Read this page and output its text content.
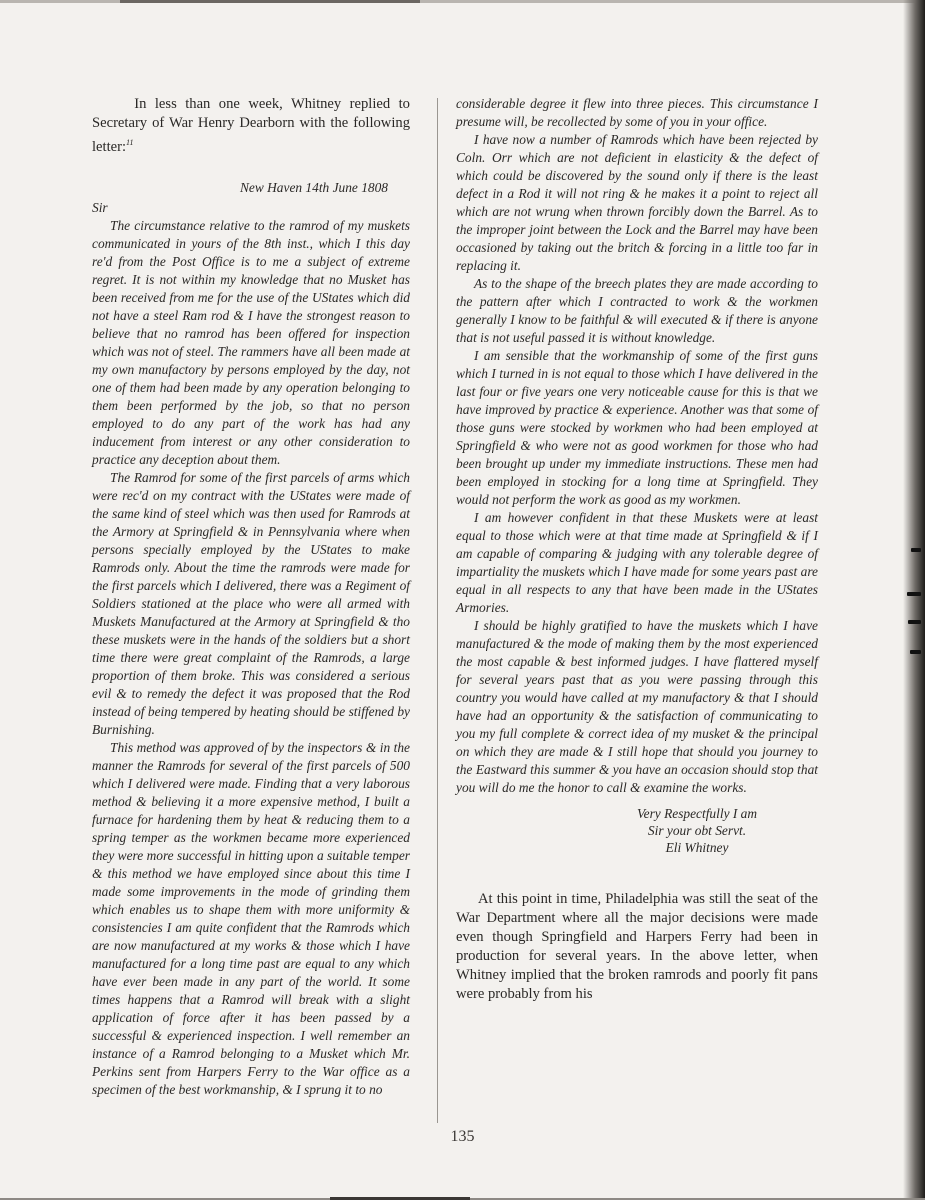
In less than one week, Whitney replied to Secretary of War Henry Dearborn with the following letter:$^{11}$

New Haven 14th June 1808

Sir

The circumstance relative to the ramrod of my muskets communicated in yours of the 8th inst., which I this day re'd from the Post Office is to me a subject of extreme regret. It is not within my knowledge that no Musket has been received from me for the use of the UStates which did not have a steel Ram rod & I have the strongest reason to believe that no ramrod has been offered for inspection which was not of steel. The rammers have all been made at my own manufactory by persons employed by the day, not one of them had been made by any operation belonging to them been performed by the job, so that no person employed to do any part of the work has had any inducement from interest or any other consideration to practice any deception about them.

The Ramrod for some of the first parcels of arms which were rec'd on my contract with the UStates were made of the same kind of steel which was then used for Ramrods at the Armory at Springfield & in Pennsylvania where when persons specially employed by the UStates to make Ramrods only. About the time the ramrods were made for the first parcels which I delivered, there was a Regiment of Soldiers stationed at the place who were all armed with Muskets Manufactured at the Armory at Springfield & tho these muskets were in the hands of the soldiers but a short time there were great complaint of the Ramrods, a large proportion of them broke. This was considered a serious evil & to remedy the defect it was proposed that the Rod instead of being tempered by heating should be stiffened by Burnishing.

This method was approved of by the inspectors & in the manner the Ramrods for several of the first parcels of 500 which I delivered were made. Finding that a very laborous method & believing it a more expensive method, I built a furnace for hardening them by heat & reducing them to a spring temper as the workmen became more experienced they were more successful in hitting upon a suitable temper & this method we have employed since about this time I made some improvements in the mode of grinding them which enables us to shape them with more uniformity & consistencies I am quite confident that the Ramrods which are now manufactured at my works & those which I have manufactured for a long time past are equal to any which have ever been made in any part of the world. It some times happens that a Ramrod will break with a slight application of force after it has been passed by a successful & experienced inspection. I well remember an instance of a Ramrod belonging to a Musket which Mr. Perkins sent from Harpers Ferry to the War office as a specimen of the best workmanship, & I sprung it to no

considerable degree it flew into three pieces. This circumstance I presume will, be recollected by some of you in your office.

I have now a number of Ramrods which have been rejected by Coln. Orr which are not deficient in elasticity & the defect of which could be discovered by the sound only if there is the least defect in a Rod it will not ring & he makes it a point to reject all which are not wrung when thrown forcibly down the Barrel. As to the improper joint between the Lock and the Barrel may have been occasioned by taking out the britch & forcing in a little too far in replacing it.

As to the shape of the breech plates they are made according to the pattern after which I contracted to work & the workmen generally I know to be faithful & will executed & if there is anyone that is not useful passed it is without knowledge.

I am sensible that the workmanship of some of the first guns which I turned in is not equal to those which I have delivered in the last four or five years one very noticeable cause for this is that we have improved by practice & experience. Another was that some of those guns were stocked by workmen who had been employed at Springfield & who were not as good workmen for those who had been brought up under my immediate instructions. These men had been employed in stocking for a long time at Springfield. They would not perform the work as good as my workmen.

I am however confident in that these Muskets were at least equal to those which were at that time made at Springfield & if I am capable of comparing & judging with any tolerable degree of impartiality the muskets which I have made for some years past are equal in all respects to any that have been made in the UStates Armories.

I should be highly gratified to have the muskets which I have manufactured & the mode of making them by the most experienced the most capable & best informed judges. I have flattered myself for several years past that as you were passing through this country you would have called at my manufactory & that I should have had an opportunity & the satisfaction of communicating to you my full complete & correct idea of my musket & the principal on which they are made & I still hope that should you journey to the Eastward this summer & you have an occasion should stop that you will do me the honor to call & examine the works.

Very Respectfully I am

Sir your obt Servt.

Eli Whitney

At this point in time, Philadelphia was still the seat of the War Department where all the major decisions were made even though Springfield and Harpers Ferry had been in production for several years. In the above letter, when Whitney implied that the broken ramrods and poorly fit pans were probably from his

135
